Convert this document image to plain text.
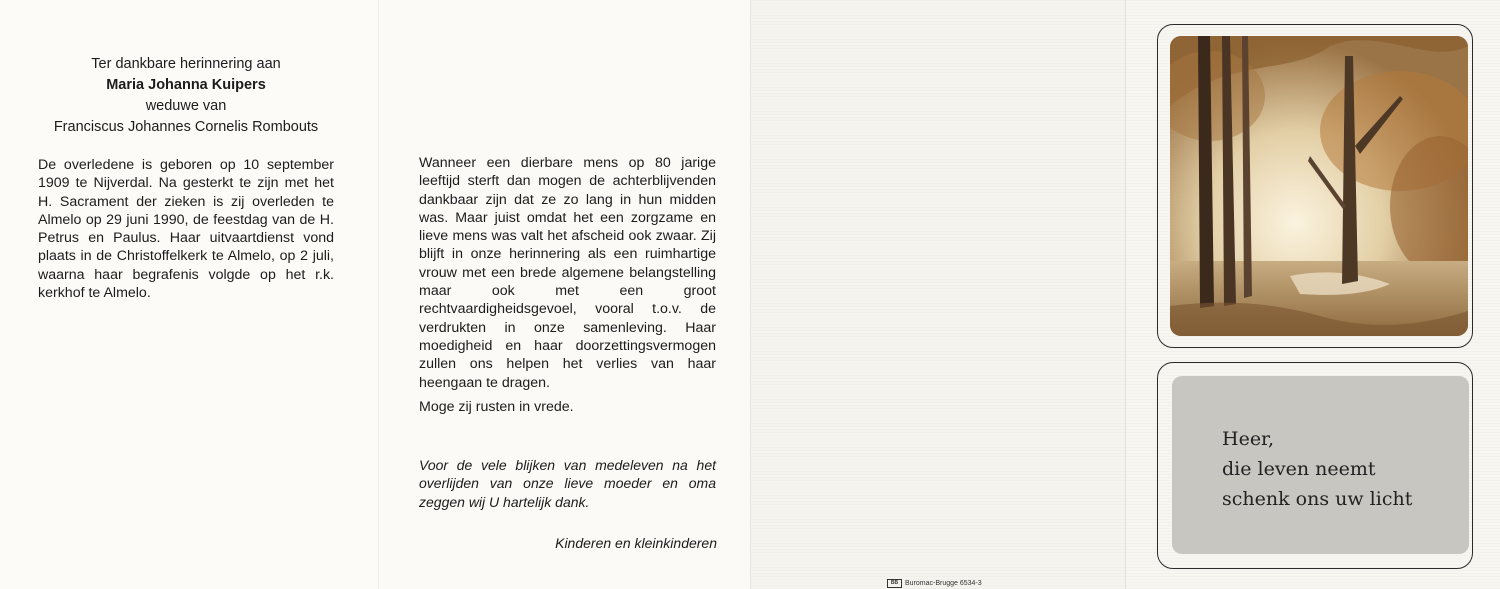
Ter dankbare herinnering aan
Maria Johanna Kuipers
weduwe van
Franciscus Johannes Cornelis Rombouts
De overledene is geboren op 10 september 1909 te Nijverdal. Na gesterkt te zijn met het H. Sacrament der zieken is zij overleden te Almelo op 29 juni 1990, de feestdag van de H. Petrus en Paulus. Haar uitvaartdienst vond plaats in de Christoffelkerk te Almelo, op 2 juli, waarna haar begrafenis volgde op het r.k. kerkhof te Almelo.
Wanneer een dierbare mens op 80 jarige leeftijd sterft dan mogen de achterblijvenden dankbaar zijn dat ze zo lang in hun midden was. Maar juist omdat het een zorgzame en lieve mens was valt het afscheid ook zwaar. Zij blijft in onze herinnering als een ruimhartige vrouw met een brede algemene belangstelling maar ook met een groot rechtvaardigheidsgevoel, vooral t.o.v. de verdrukten in onze samenleving. Haar moedigheid en haar doorzettingsvermogen zullen ons helpen het verlies van haar heengaan te dragen.
Moge zij rusten in vrede.
Voor de vele blijken van medeleven na het overlijden van onze lieve moeder en oma zeggen wij U hartelijk dank.
Kinderen en kleinkinderen
BB Buromac-Brugge 6534-3
Heer,
die leven neemt
schenk ons uw licht
